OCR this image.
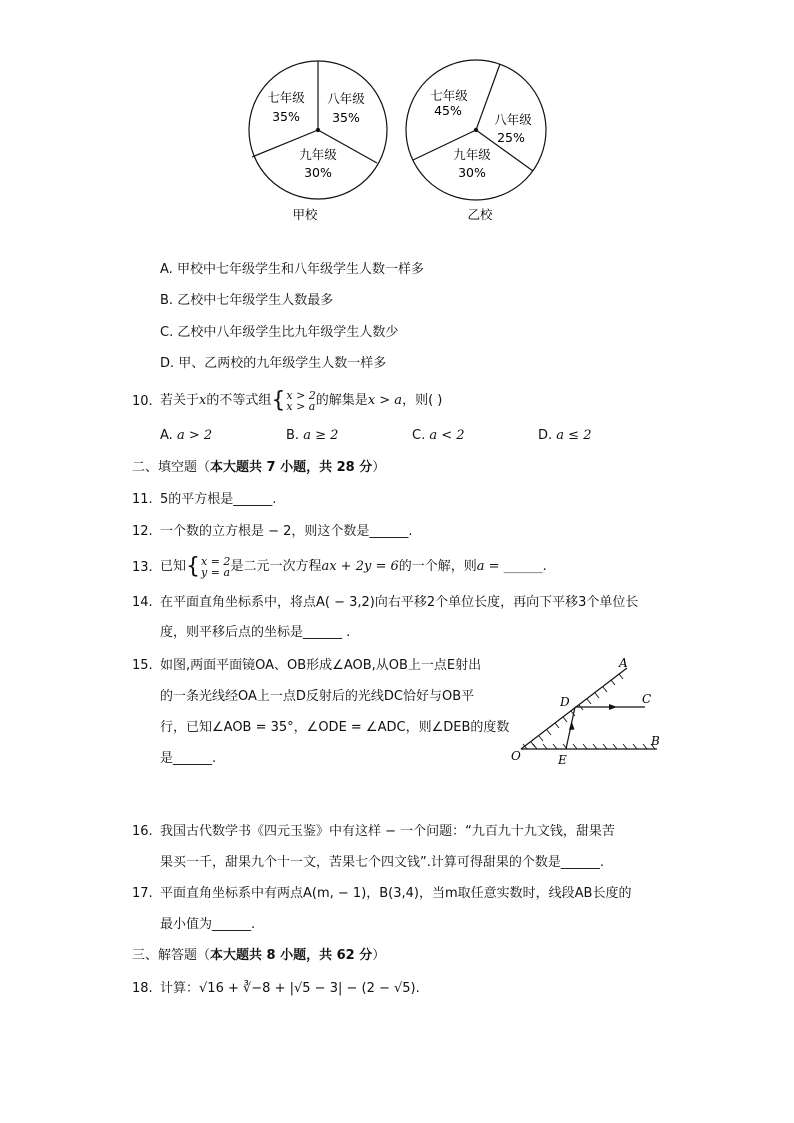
七年级
35%
八年级
35%
九年级
30%
甲校
七年级
45%
八年级
25%
九年级
30%
乙校
A. 甲校中七年级学生和八年级学生人数一样多
B. 乙校中七年级学生人数最多
C. 乙校中八年级学生比九年级学生人数少
D. 甲、乙两校的九年级学生人数一样多
10. 若关于x的不等式组{ x > 2
x > a 的解集是x > a，则( )
A. a > 2	B. a ≥ 2	C. a < 2	D. a ≤ 2
二、填空题（本大题共 7 小题，共 28 分）
11. 5的平方根是______.
12. 一个数的立方根是 − 2，则这个数是______.
13. 已知{ x = 2
y = a 是二元一次方程ax + 2y = 6的一个解，则a = ______.
14. 在平面直角坐标系中，将点A( − 3,2)向右平移2个单位长度，再向下平移3个单位长
度，则平移后点的坐标是______ .
15. 如图,两面平面镜OA、OB形成∠AOB,从OB上一点E射出
的一条光线经OA上一点D反射后的光线DC恰好与OB平
行，已知∠AOB = 35°，∠ODE = ∠ADC，则∠DEB的度数
是______.
A
C
D
B
O	E
16. 我国古代数学书《四元玉鉴》中有这样 − 一个问题：“九百九十九文钱，甜果苦
果买一千，甜果九个十一文，苦果七个四文钱”.计算可得甜果的个数是______.
17. 平面直角坐标系中有两点A(m, − 1)，B(3,4)，当m取任意实数时，线段AB长度的
最小值为______.
三、解答题（本大题共 8 小题，共 62 分）
18. 计算：√16 + ∛−8 + |√5 − 3| − (2 − √5).
